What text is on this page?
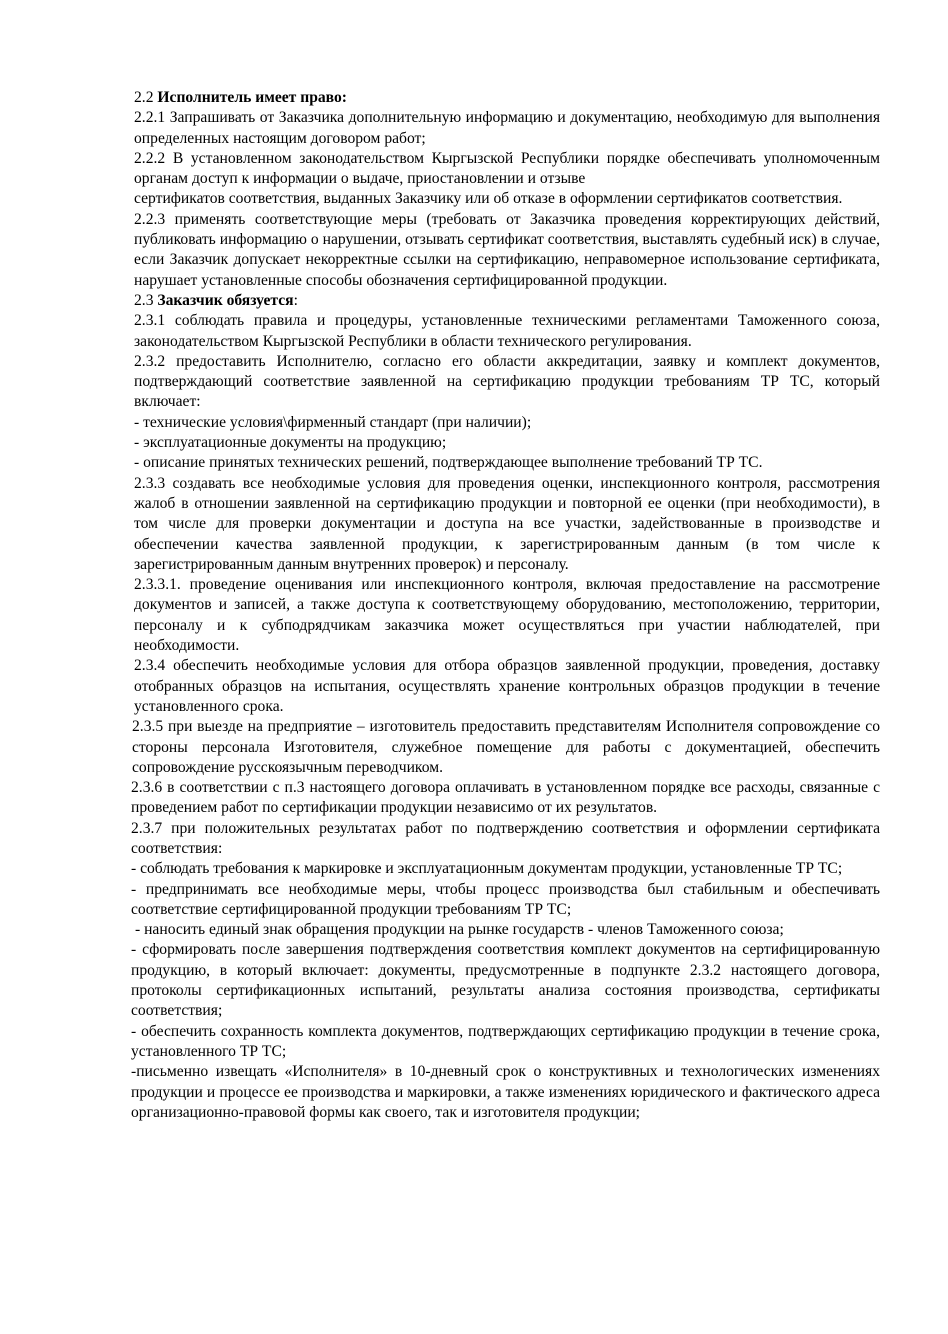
2.2 Исполнитель имеет право:

2.2.1 Запрашивать от Заказчика дополнительную информацию и документацию, необходимую для выполнения определенных настоящим договором работ;

2.2.2 В установленном законодательством Кыргызской Республики порядке обеспечивать уполномоченным органам доступ к информации о выдаче, приостановлении и отзыве

сертификатов соответствия, выданных Заказчику или об отказе в оформлении сертификатов соответствия.

2.2.3 применять соответствующие меры (требовать от Заказчика проведения корректирующих действий, публиковать информацию о нарушении, отзывать сертификат соответствия, выставлять судебный иск) в случае, если Заказчик допускает некорректные ссылки на сертификацию, неправомерное использование сертификата, нарушает установленные способы обозначения сертифицированной продукции.

2.3 Заказчик обязуется:

2.3.1 соблюдать правила и процедуры, установленные техническими регламентами Таможенного союза, законодательством Кыргызской Республики в области технического регулирования.

2.3.2 предоставить Исполнителю, согласно его области аккредитации, заявку и комплект документов, подтверждающий соответствие заявленной на сертификацию продукции требованиям ТР ТС, который включает:

- технические условия\фирменный стандарт (при наличии);

- эксплуатационные документы на продукцию;

- описание принятых технических решений, подтверждающее выполнение требований ТР ТС.

2.3.3 создавать все необходимые условия для проведения оценки, инспекционного контроля, рассмотрения жалоб в отношении заявленной на сертификацию продукции и повторной ее оценки (при необходимости), в том числе для проверки документации и доступа на все участки, задействованные в производстве и обеспечении качества заявленной продукции, к зарегистрированным данным (в том числе к зарегистрированным данным внутренних проверок) и персоналу.

2.3.3.1. проведение оценивания или инспекционного контроля, включая предоставление на рассмотрение документов и записей, а также доступа к соответствующему оборудованию, местоположению, территории, персоналу и к субподрядчикам заказчика может осуществляться при участии наблюдателей, при необходимости.

2.3.4 обеспечить необходимые условия для отбора образцов заявленной продукции, проведения, доставку отобранных образцов на испытания, осуществлять хранение контрольных образцов продукции в течение установленного срока.

2.3.5 при выезде на предприятие – изготовитель предоставить представителям Исполнителя сопровождение со стороны персонала Изготовителя, служебное помещение для работы с документацией, обеспечить сопровождение русскоязычным переводчиком.

2.3.6 в соответствии с п.3 настоящего договора оплачивать в установленном порядке все расходы, связанные с проведением работ по сертификации продукции независимо от их результатов.

2.3.7 при положительных результатах работ по подтверждению соответствия и оформлении сертификата соответствия:

- соблюдать требования к маркировке и эксплуатационным документам продукции, установленные ТР ТС;

- предпринимать все необходимые меры, чтобы процесс производства был стабильным и обеспечивать соответствие сертифицированной продукции требованиям ТР ТС;

- наносить единый знак обращения продукции на рынке государств - членов Таможенного союза;

- сформировать после завершения подтверждения соответствия комплект документов на сертифицированную продукцию, в который включает: документы, предусмотренные в подпункте 2.3.2 настоящего договора, протоколы сертификационных испытаний, результаты анализа состояния производства, сертификаты соответствия;

- обеспечить сохранность комплекта документов, подтверждающих сертификацию продукции в течение срока, установленного ТР ТС;

-письменно извещать «Исполнителя» в 10-дневный срок о конструктивных и технологических изменениях продукции и процессе ее производства и маркировки, а также изменениях юридического и фактического адреса организационно-правовой формы как своего, так и изготовителя продукции;
